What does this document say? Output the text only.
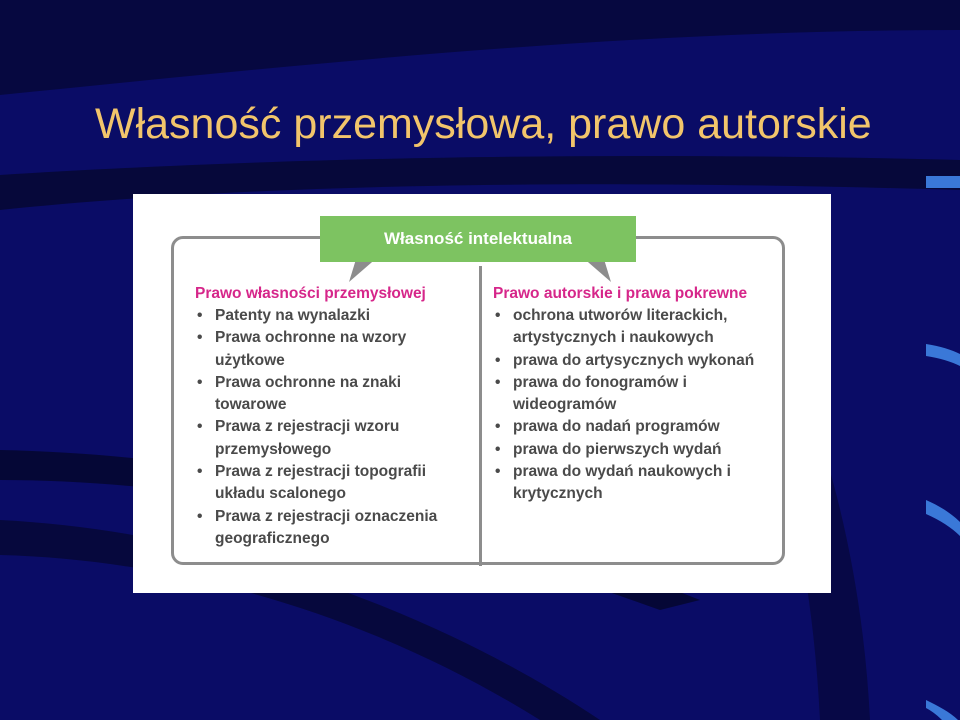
Własność przemysłowa, prawo autorskie
Własność intelektualna
Prawo własności przemysłowej
• Patenty na wynalazki
• Prawa ochronne na wzory użytkowe
• Prawa ochronne na znaki towarowe
• Prawa z rejestracji wzoru przemysłowego
• Prawa z rejestracji topografii układu scalonego
• Prawa z rejestracji oznaczenia geograficznego
Prawo autorskie i prawa pokrewne
• ochrona utworów literackich, artystycznych i naukowych
• prawa do artysycznych wykonań
• prawa do fonogramów i wideogramów
• prawa do nadań programów
• prawa do pierwszych wydań
• prawa do wydań naukowych i krytycznych
